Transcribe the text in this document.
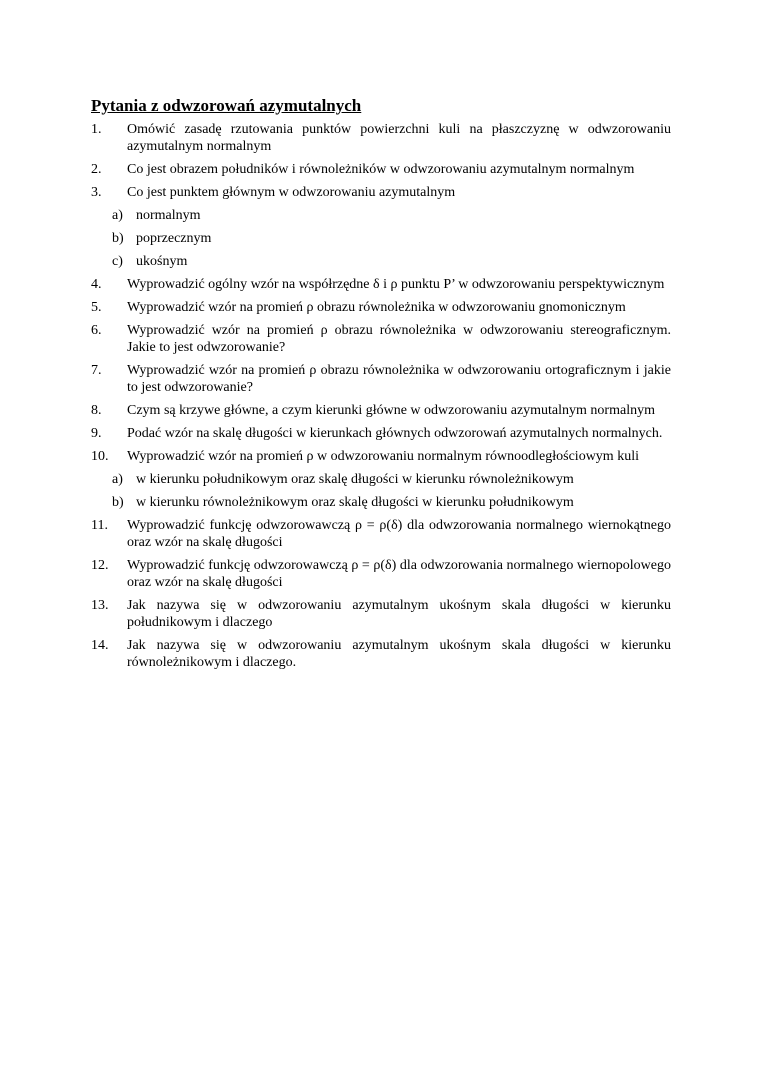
Pytania z odwzorowań azymutalnych
1.	Omówić zasadę rzutowania punktów powierzchni kuli na płaszczyznę w odwzorowaniu azymutalnym normalnym
2.	Co jest obrazem południków i równoleżników w odwzorowaniu azymutalnym normalnym
3.	Co jest punktem głównym w odwzorowaniu azymutalnym
a) normalnym
b) poprzecznym
c) ukośnym
4.	Wyprowadzić ogólny wzór na współrzędne δ i ρ punktu P’ w odwzorowaniu perspektywicznym
5.	Wyprowadzić wzór na promień ρ obrazu równoleżnika w odwzorowaniu gnomonicznym
6.	Wyprowadzić wzór na promień ρ obrazu równoleżnika w odwzorowaniu stereograficznym. Jakie to jest odwzorowanie?
7.	Wyprowadzić wzór na promień ρ obrazu równoleżnika w odwzorowaniu ortograficznym i jakie to jest odwzorowanie?
8.	Czym są krzywe główne, a czym kierunki główne w odwzorowaniu azymutalnym normalnym
9.	Podać wzór na skalę długości w kierunkach głównych odwzorowań azymutalnych normalnych.
10.	Wyprowadzić wzór na promień ρ w odwzorowaniu normalnym równoodległościowym kuli
a) w kierunku południkowym oraz skalę długości w kierunku równoleżnikowym
b) w kierunku równoleżnikowym oraz skalę długości w kierunku południkowym
11.	Wyprowadzić funkcję odwzorowawczą ρ = ρ(δ) dla odwzorowania normalnego wiernokątnego oraz wzór na skalę długości
12.	Wyprowadzić funkcję odwzorowawczą ρ = ρ(δ) dla odwzorowania normalnego wiernopolowego oraz wzór na skalę długości
13.	Jak nazywa się w odwzorowaniu azymutalnym ukośnym skala długości w kierunku południkowym i dlaczego
14.	Jak nazywa się w odwzorowaniu azymutalnym ukośnym skala długości w kierunku równoleżnikowym i dlaczego.
